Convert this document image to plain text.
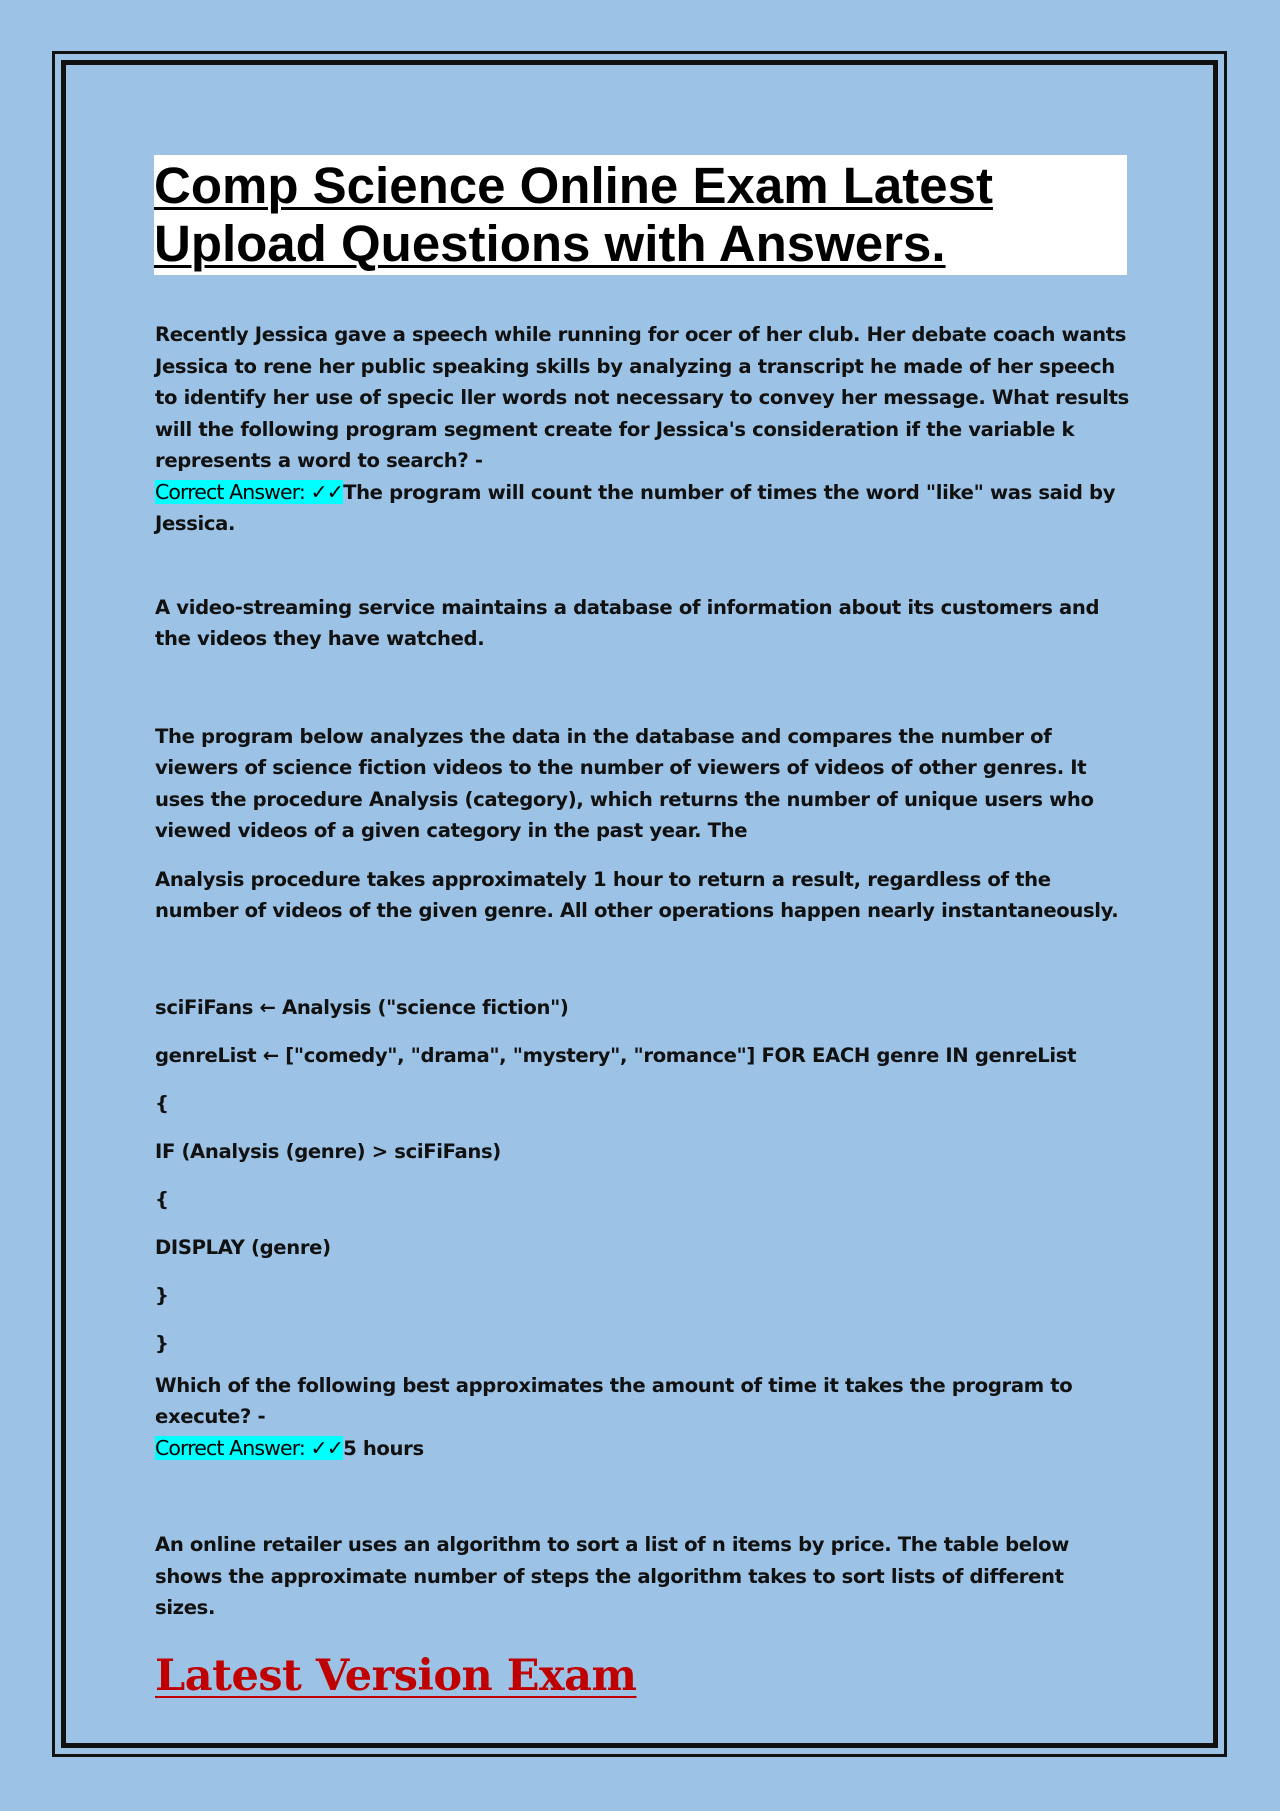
Comp Science Online Exam Latest
Upload Questions with Answers.

Recently Jessica gave a speech while running for ocer of her club. Her debate coach wants Jessica to rene her public speaking skills by analyzing a transcript he made of her speech to identify her use of specic ller words not necessary to convey her message. What results will the following program segment create for Jessica's consideration if the variable k represents a word to search? -
Correct Answer: ✓✓The program will count the number of times the word "like" was said by Jessica.

A video-streaming service maintains a database of information about its customers and the videos they have watched.

The program below analyzes the data in the database and compares the number of viewers of science fiction videos to the number of viewers of videos of other genres. It uses the procedure Analysis (category), which returns the number of unique users who viewed videos of a given category in the past year. The

Analysis procedure takes approximately 1 hour to return a result, regardless of the number of videos of the given genre. All other operations happen nearly instantaneously.

sciFiFans ← Analysis ("science fiction")

genreList ← ["comedy", "drama", "mystery", "romance"] FOR EACH genre IN genreList

{

IF (Analysis (genre) > sciFiFans)

{

DISPLAY (genre)

}

}

Which of the following best approximates the amount of time it takes the program to execute? -
Correct Answer: ✓✓5 hours

An online retailer uses an algorithm to sort a list of n items by price. The table below shows the approximate number of steps the algorithm takes to sort lists of different sizes.

Latest Version Exam
